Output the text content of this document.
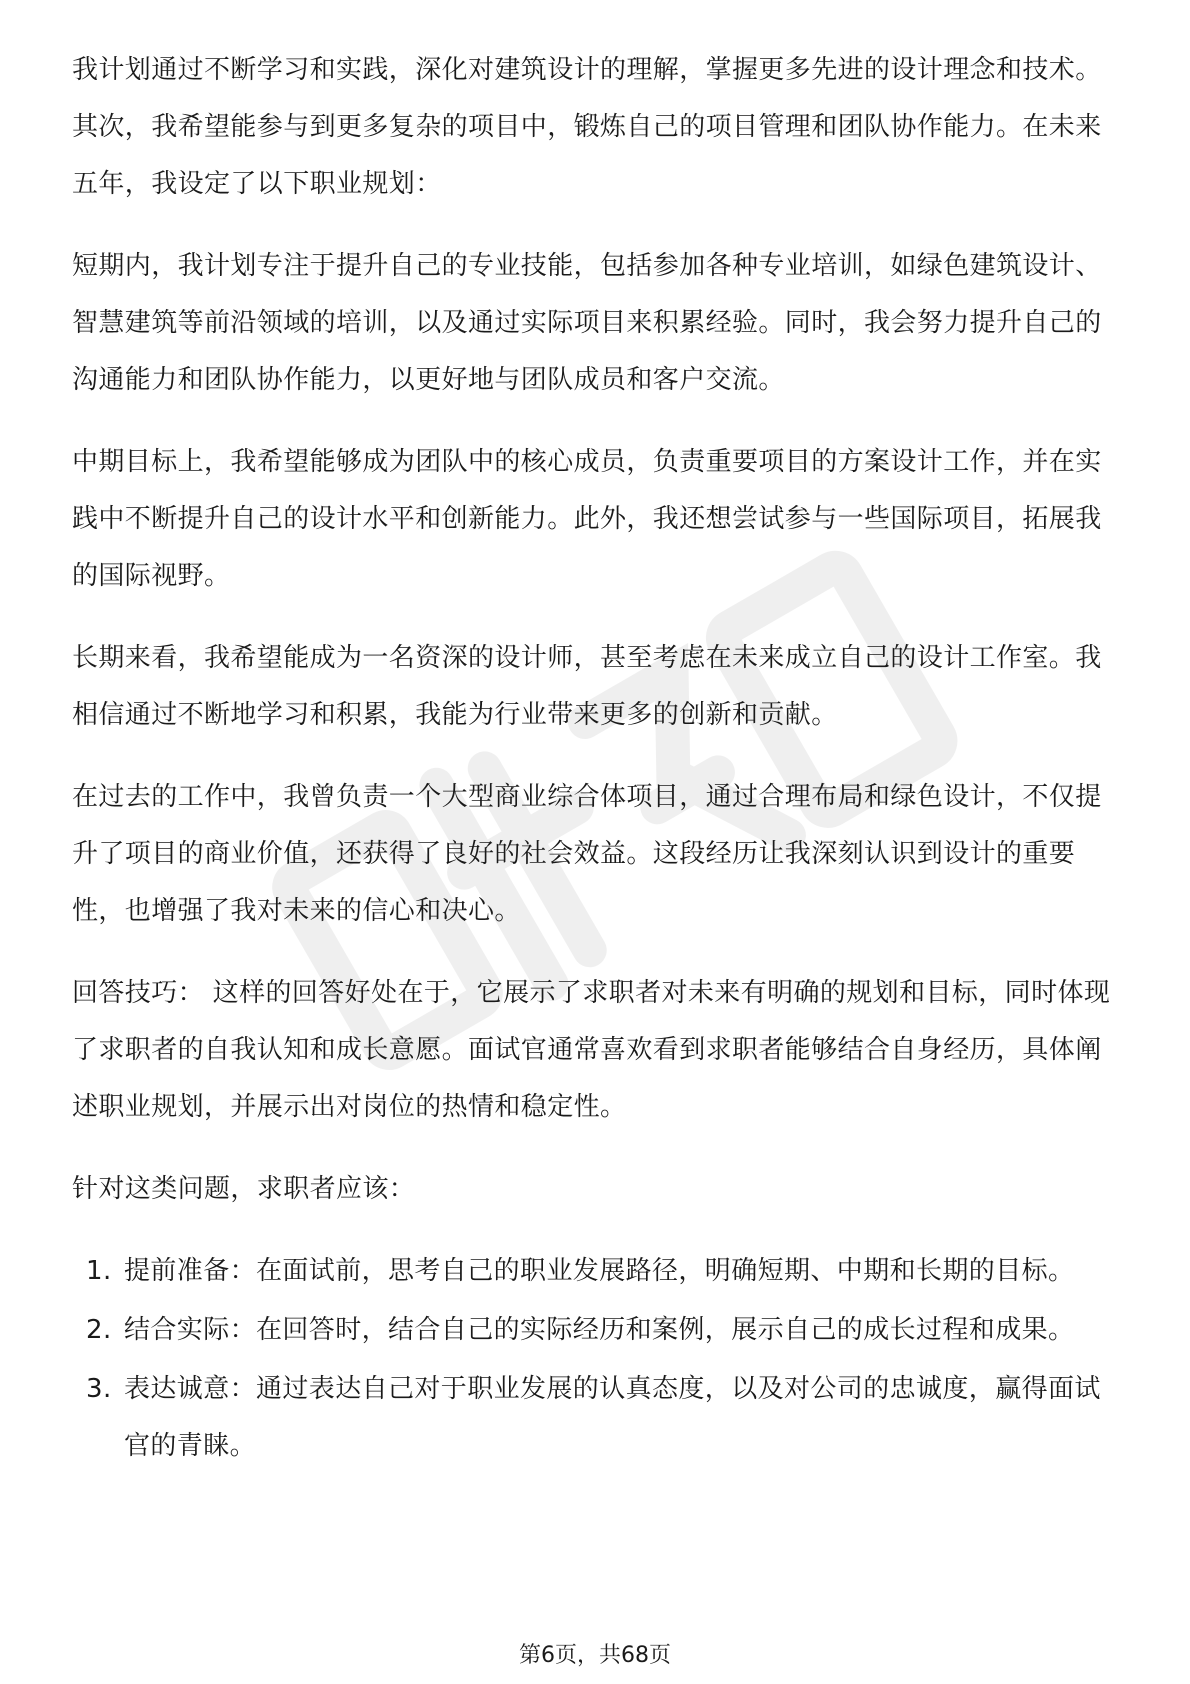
我计划通过不断学习和实践，深化对建筑设计的理解，掌握更多先进的设计理念和技术。其次，我希望能参与到更多复杂的项目中，锻炼自己的项目管理和团队协作能力。在未来五年，我设定了以下职业规划：

短期内，我计划专注于提升自己的专业技能，包括参加各种专业培训，如绿色建筑设计、智慧建筑等前沿领域的培训，以及通过实际项目来积累经验。同时，我会努力提升自己的沟通能力和团队协作能力，以更好地与团队成员和客户交流。

中期目标上，我希望能够成为团队中的核心成员，负责重要项目的方案设计工作，并在实践中不断提升自己的设计水平和创新能力。此外，我还想尝试参与一些国际项目，拓展我的国际视野。

长期来看，我希望能成为一名资深的设计师，甚至考虑在未来成立自己的设计工作室。我相信通过不断地学习和积累，我能为行业带来更多的创新和贡献。

在过去的工作中，我曾负责一个大型商业综合体项目，通过合理布局和绿色设计，不仅提升了项目的商业价值，还获得了良好的社会效益。这段经历让我深刻认识到设计的重要性，也增强了我对未来的信心和决心。

回答技巧： 这样的回答好处在于，它展示了求职者对未来有明确的规划和目标，同时体现了求职者的自我认知和成长意愿。面试官通常喜欢看到求职者能够结合自身经历，具体阐述职业规划，并展示出对岗位的热情和稳定性。

针对这类问题，求职者应该：

1. 提前准备：在面试前，思考自己的职业发展路径，明确短期、中期和长期的目标。
2. 结合实际：在回答时，结合自己的实际经历和案例，展示自己的成长过程和成果。
3. 表达诚意：通过表达自己对于职业发展的认真态度，以及对公司的忠诚度，赢得面试官的青睐。
第6页，共68页
